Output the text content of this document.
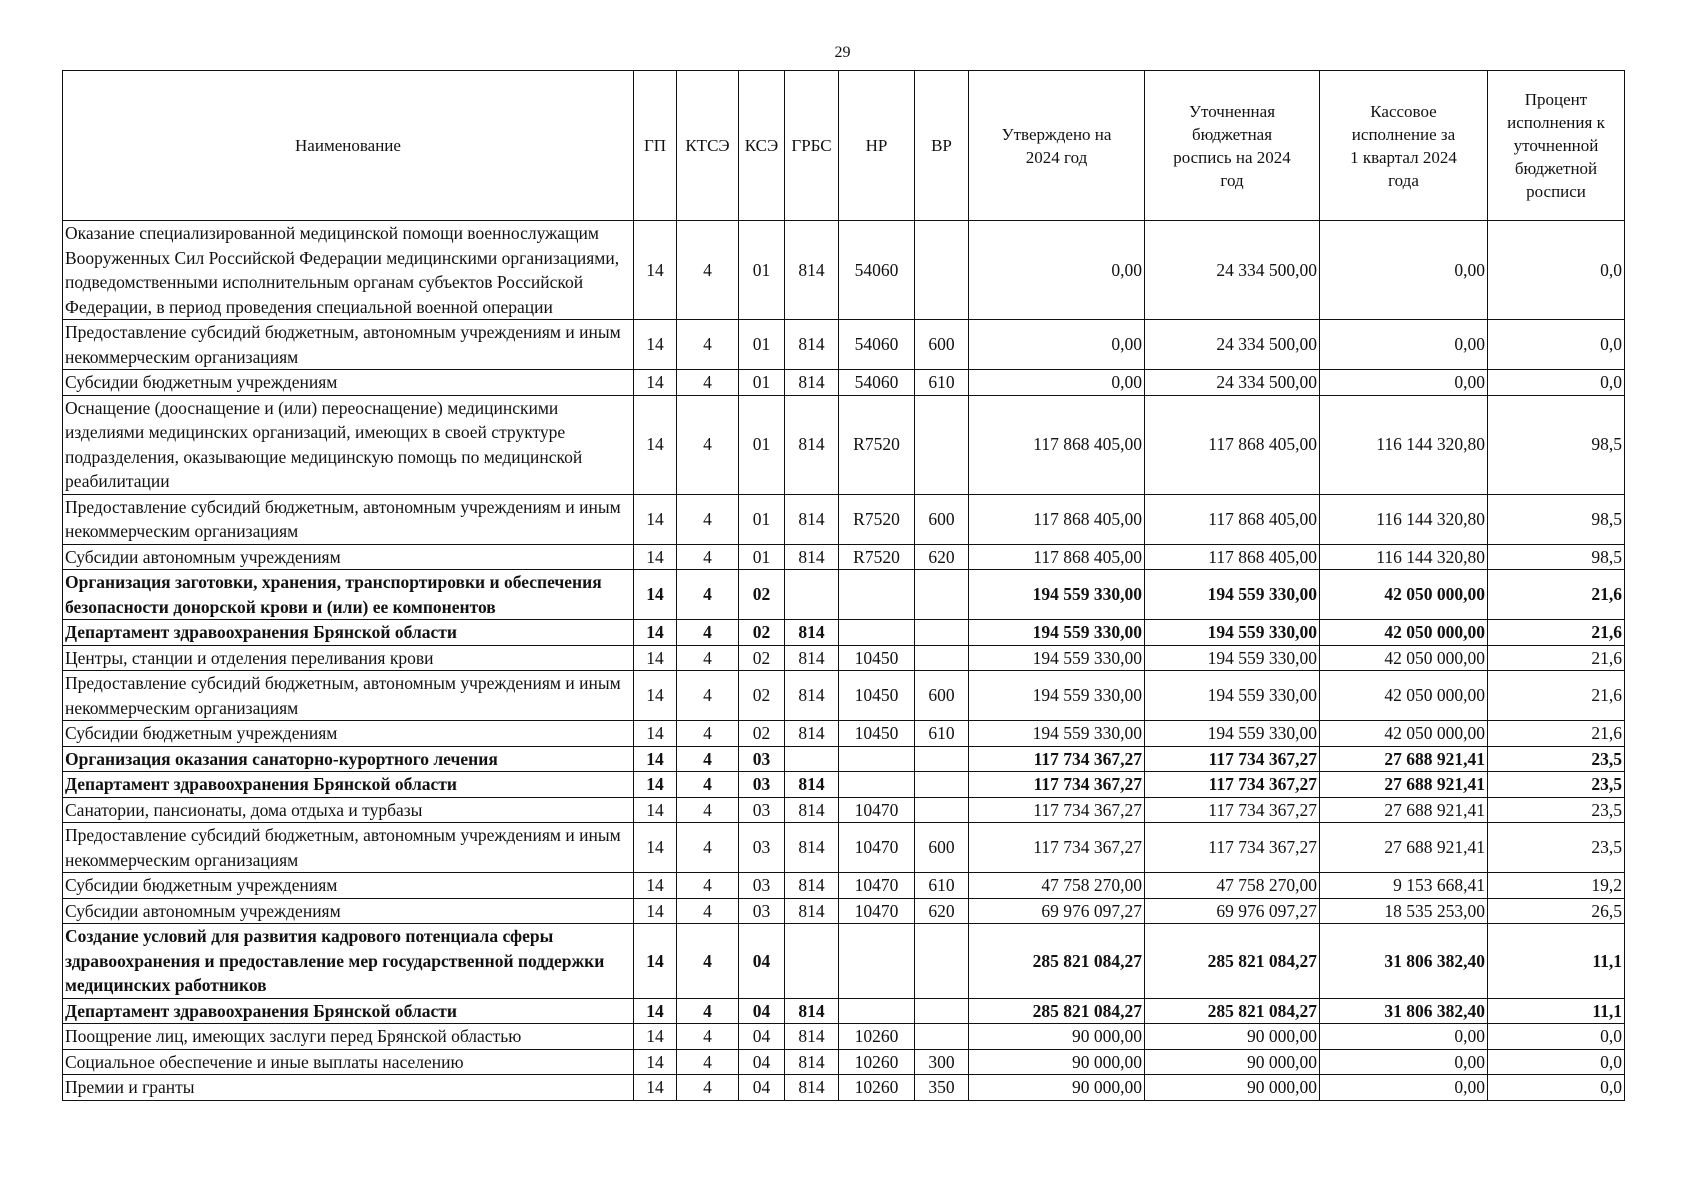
29
Наименование	ГП	КТСЭ	КСЭ	ГРБС	НР	ВР	Утверждено на 2024 год	Уточненная бюджетная роспись на 2024 год	Кассовое исполнение за 1 квартал 2024 года	Процент исполнения к уточненной бюджетной росписи
Оказание специализированной медицинской помощи военнослужащим Вооруженных Сил Российской Федерации медицинскими организациями, подведомственными исполнительным органам субъектов Российской Федерации, в период проведения специальной военной операции	14	4	01	814	54060		0,00	24 334 500,00	0,00	0,0
Предоставление субсидий бюджетным, автономным учреждениям и иным некоммерческим организациям	14	4	01	814	54060	600	0,00	24 334 500,00	0,00	0,0
Субсидии бюджетным учреждениям	14	4	01	814	54060	610	0,00	24 334 500,00	0,00	0,0
Оснащение (дооснащение и (или) переоснащение) медицинскими изделиями медицинских организаций, имеющих в своей структуре подразделения, оказывающие медицинскую помощь по медицинской реабилитации	14	4	01	814	R7520		117 868 405,00	117 868 405,00	116 144 320,80	98,5
Предоставление субсидий бюджетным, автономным учреждениям и иным некоммерческим организациям	14	4	01	814	R7520	600	117 868 405,00	117 868 405,00	116 144 320,80	98,5
Субсидии автономным учреждениям	14	4	01	814	R7520	620	117 868 405,00	117 868 405,00	116 144 320,80	98,5
Организация заготовки, хранения, транспортировки и обеспечения безопасности донорской крови и (или) ее компонентов	14	4	02				194 559 330,00	194 559 330,00	42 050 000,00	21,6
Департамент здравоохранения Брянской области	14	4	02	814			194 559 330,00	194 559 330,00	42 050 000,00	21,6
Центры, станции и отделения переливания крови	14	4	02	814	10450		194 559 330,00	194 559 330,00	42 050 000,00	21,6
Предоставление субсидий бюджетным, автономным учреждениям и иным некоммерческим организациям	14	4	02	814	10450	600	194 559 330,00	194 559 330,00	42 050 000,00	21,6
Субсидии бюджетным учреждениям	14	4	02	814	10450	610	194 559 330,00	194 559 330,00	42 050 000,00	21,6
Организация оказания санаторно-курортного лечения	14	4	03				117 734 367,27	117 734 367,27	27 688 921,41	23,5
Департамент здравоохранения Брянской области	14	4	03	814			117 734 367,27	117 734 367,27	27 688 921,41	23,5
Санатории, пансионаты, дома отдыха и турбазы	14	4	03	814	10470		117 734 367,27	117 734 367,27	27 688 921,41	23,5
Предоставление субсидий бюджетным, автономным учреждениям и иным некоммерческим организациям	14	4	03	814	10470	600	117 734 367,27	117 734 367,27	27 688 921,41	23,5
Субсидии бюджетным учреждениям	14	4	03	814	10470	610	47 758 270,00	47 758 270,00	9 153 668,41	19,2
Субсидии автономным учреждениям	14	4	03	814	10470	620	69 976 097,27	69 976 097,27	18 535 253,00	26,5
Создание условий для развития кадрового потенциала сферы здравоохранения и предоставление мер государственной поддержки медицинских работников	14	4	04				285 821 084,27	285 821 084,27	31 806 382,40	11,1
Департамент здравоохранения Брянской области	14	4	04	814			285 821 084,27	285 821 084,27	31 806 382,40	11,1
Поощрение лиц, имеющих заслуги перед Брянской областью	14	4	04	814	10260		90 000,00	90 000,00	0,00	0,0
Социальное обеспечение и иные выплаты населению	14	4	04	814	10260	300	90 000,00	90 000,00	0,00	0,0
Премии и гранты	14	4	04	814	10260	350	90 000,00	90 000,00	0,00	0,0
